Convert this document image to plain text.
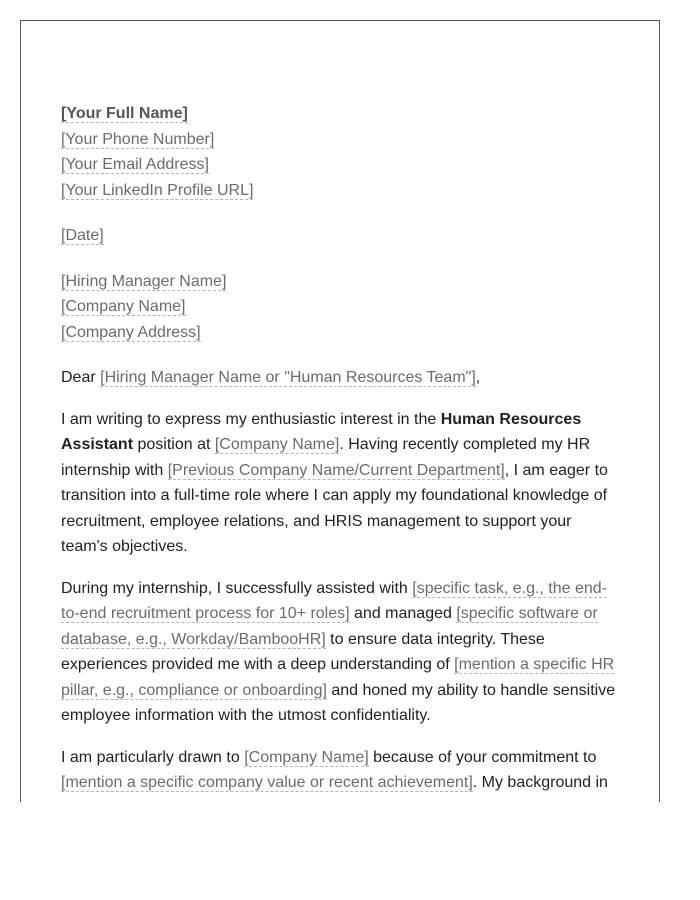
[Your Full Name]
[Your Phone Number]
[Your Email Address]
[Your LinkedIn Profile URL]
[Date]
[Hiring Manager Name]
[Company Name]
[Company Address]

Dear [Hiring Manager Name or "Human Resources Team"],

I am writing to express my enthusiastic interest in the Human Resources Assistant position at [Company Name]. Having recently completed my HR internship with [Previous Company Name/Current Department], I am eager to transition into a full-time role where I can apply my foundational knowledge of recruitment, employee relations, and HRIS management to support your team's objectives.

During my internship, I successfully assisted with [specific task, e.g., the end-to-end recruitment process for 10+ roles] and managed [specific software or database, e.g., Workday/BambooHR] to ensure data integrity. These experiences provided me with a deep understanding of [mention a specific HR pillar, e.g., compliance or onboarding] and honed my ability to handle sensitive employee information with the utmost confidentiality.

I am particularly drawn to [Company Name] because of your commitment to [mention a specific company value or recent achievement]. My background in
